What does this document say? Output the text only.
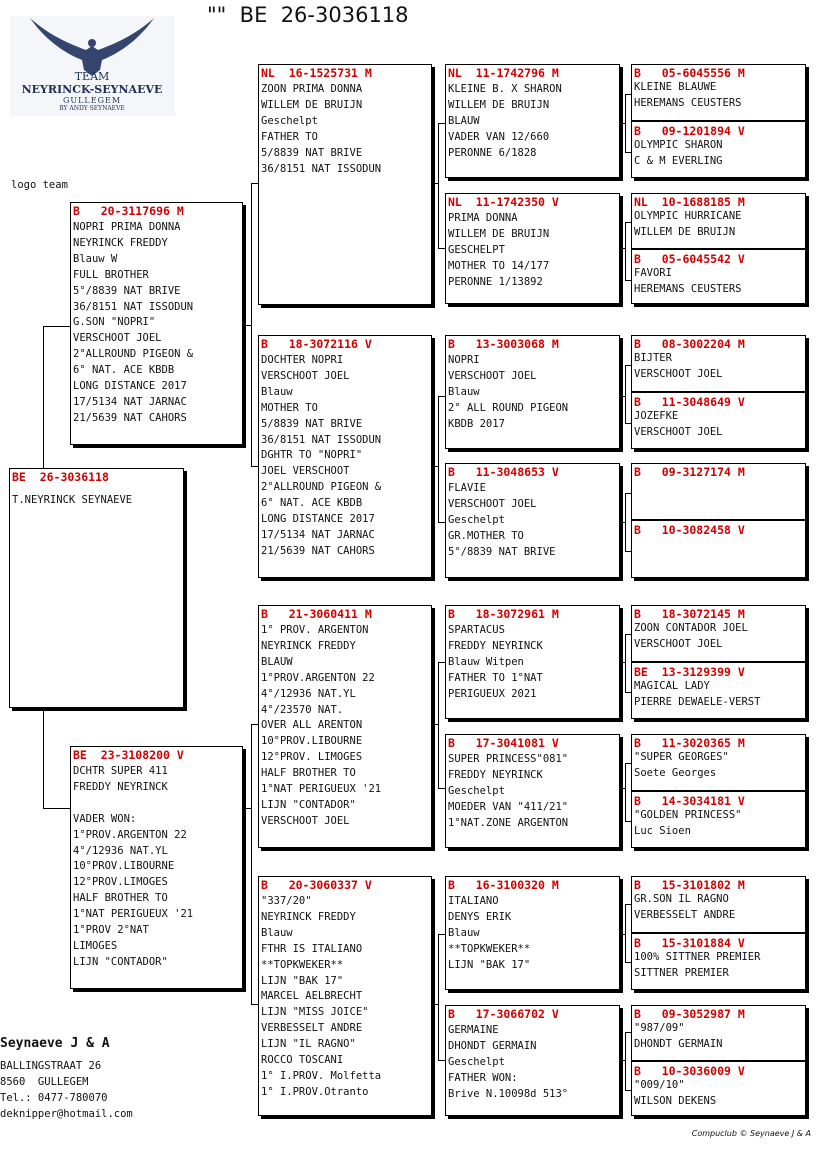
""  BE  26-3036118
TEAM
NEYRINCK-SEYNAEVE
GULLEGEM
BY ANDY SEYNAEVE
logo team
BE  26-3036118
T.NEYRINCK SEYNAEVE
B   20-3117696 M
NOPRI PRIMA DONNA
NEYRINCK FREDDY
Blauw W
FULL BROTHER
5°/8839 NAT BRIVE
36/8151 NAT ISSODUN
G.SON "NOPRI"
VERSCHOOT JOEL
2°ALLROUND PIGEON &
6° NAT. ACE KBDB
LONG DISTANCE 2017
17/5134 NAT JARNAC
21/5639 NAT CAHORS
BE  23-3108200 V
DCHTR SUPER 411
FREDDY NEYRINCK
VADER WON:
1°PROV.ARGENTON 22
4°/12936 NAT.YL
10°PROV.LIBOURNE
12°PROV.LIMOGES
HALF BROTHER TO
1°NAT PERIGUEUX '21
1°PROV 2°NAT
LIMOGES
LIJN "CONTADOR"
NL  16-1525731 M
ZOON PRIMA DONNA
WILLEM DE BRUIJN
Geschelpt
FATHER TO
5/8839 NAT BRIVE
36/8151 NAT ISSODUN
B   18-3072116 V
DOCHTER NOPRI
VERSCHOOT JOEL
Blauw
MOTHER TO
5/8839 NAT BRIVE
36/8151 NAT ISSODUN
DGHTR TO "NOPRI"
JOEL VERSCHOOT
2°ALLROUND PIGEON &
6° NAT. ACE KBDB
LONG DISTANCE 2017
17/5134 NAT JARNAC
21/5639 NAT CAHORS
B   21-3060411 M
1° PROV. ARGENTON
NEYRINCK FREDDY
BLAUW
1°PROV.ARGENTON 22
4°/12936 NAT.YL
4°/23570 NAT.
OVER ALL ARENTON
10°PROV.LIBOURNE
12°PROV. LIMOGES
HALF BROTHER TO
1°NAT PERIGUEUX '21
LIJN "CONTADOR"
VERSCHOOT JOEL
B   20-3060337 V
"337/20"
NEYRINCK FREDDY
Blauw
FTHR IS ITALIANO
**TOPKWEKER**
LIJN "BAK 17"
MARCEL AELBRECHT
LIJN "MISS JOICE"
VERBESSELT ANDRE
LIJN "IL RAGNO"
ROCCO TOSCANI
1° I.PROV. Molfetta
1° I.PROV.Otranto
NL  11-1742796 M
KLEINE B. X SHARON
WILLEM DE BRUIJN
BLAUW
VADER VAN 12/660
PERONNE 6/1828
NL  11-1742350 V
PRIMA DONNA
WILLEM DE BRUIJN
GESCHELPT
MOTHER TO 14/177
PERONNE 1/13892
B   13-3003068 M
NOPRI
VERSCHOOT JOEL
Blauw
2° ALL ROUND PIGEON
KBDB 2017
B   11-3048653 V
FLAVIE
VERSCHOOT JOEL
Geschelpt
GR.MOTHER TO
5°/8839 NAT BRIVE
B   18-3072961 M
SPARTACUS
FREDDY NEYRINCK
Blauw Witpen
FATHER TO 1°NAT
PERIGUEUX 2021
B   17-3041081 V
SUPER PRINCESS"081"
FREDDY NEYRINCK
Geschelpt
MOEDER VAN "411/21"
1°NAT.ZONE ARGENTON
B   16-3100320 M
ITALIANO
DENYS ERIK
Blauw
**TOPKWEKER**
LIJN "BAK 17"
B   17-3066702 V
GERMAINE
DHONDT GERMAIN
Geschelpt
FATHER WON:
Brive N.10098d 513°
B   05-6045556 M
KLEINE BLAUWE
HEREMANS CEUSTERS
B   09-1201894 V
OLYMPIC SHARON
C & M EVERLING
NL  10-1688185 M
OLYMPIC HURRICANE
WILLEM DE BRUIJN
B   05-6045542 V
FAVORI
HEREMANS CEUSTERS
B   08-3002204 M
BIJTER
VERSCHOOT JOEL
B   11-3048649 V
JOZEFKE
VERSCHOOT JOEL
B   09-3127174 M
B   10-3082458 V
B   18-3072145 M
ZOON CONTADOR JOEL
VERSCHOOT JOEL
BE  13-3129399 V
MAGICAL LADY
PIERRE DEWAELE-VERST
B   11-3020365 M
"SUPER GEORGES"
Soete Georges
B   14-3034181 V
"GOLDEN PRINCESS"
Luc Sioen
B   15-3101802 M
GR.SON IL RAGNO
VERBESSELT ANDRE
B   15-3101884 V
100% SITTNER PREMIER
SITTNER PREMIER
B   09-3052987 M
"987/09"
DHONDT GERMAIN
B   10-3036009 V
"009/10"
WILSON DEKENS
Seynaeve J & A
BALLINGSTRAAT 26
8560  GULLEGEM
Tel.: 0477-780070
deknipper@hotmail.com
Compuclub © Seynaeve J & A
